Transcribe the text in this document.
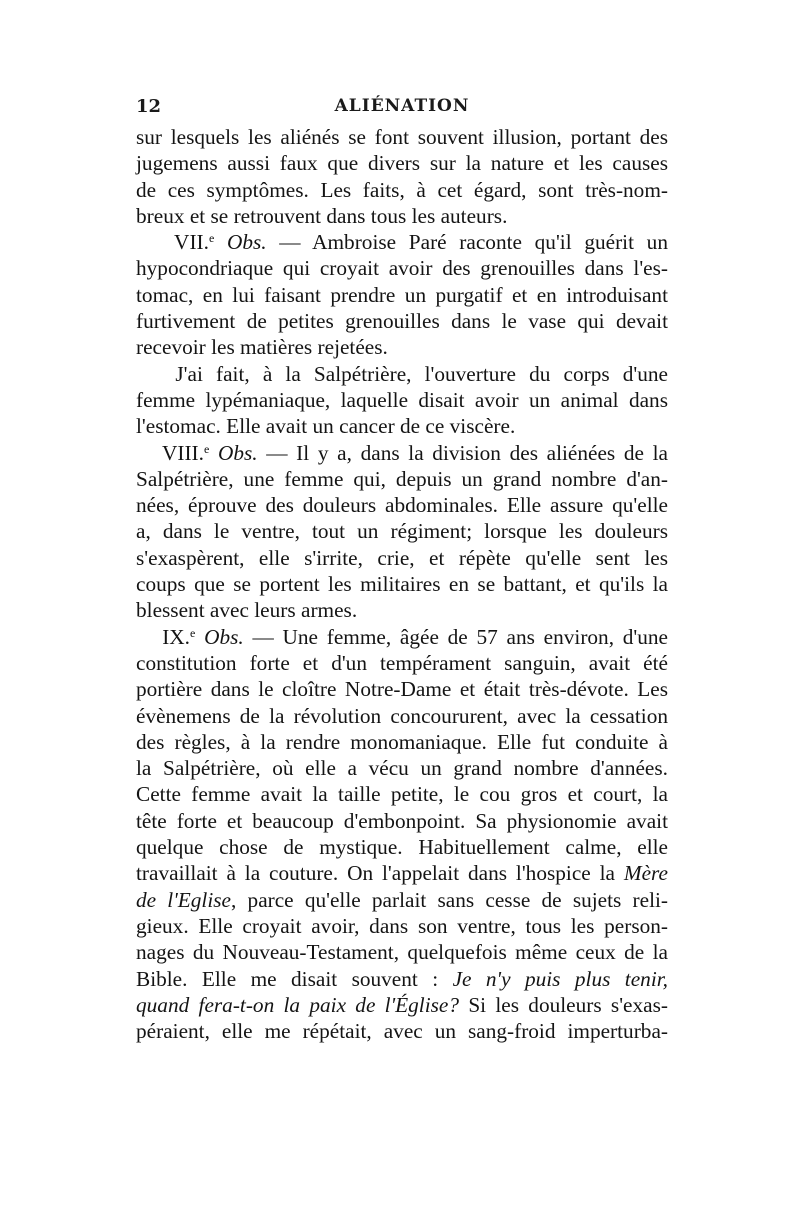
12	ALIÉNATION
sur lesquels les aliénés se font souvent illusion, portant des
jugemens aussi faux que divers sur la nature et les causes
de ces symptômes. Les faits, à cet égard, sont très-nom-
breux et se retrouvent dans tous les auteurs.
VII.$^e$ Obs. — Ambroise Paré raconte qu'il guérit un
hypocondriaque qui croyait avoir des grenouilles dans l'es-
tomac, en lui faisant prendre un purgatif et en introduisant
furtivement de petites grenouilles dans le vase qui devait
recevoir les matières rejetées.
J'ai fait, à la Salpétrière, l'ouverture du corps d'une
femme lypémaniaque, laquelle disait avoir un animal dans
l'estomac. Elle avait un cancer de ce viscère.
VIII.$^e$ Obs. — Il y a, dans la division des aliénées de la
Salpétrière, une femme qui, depuis un grand nombre d'an-
nées, éprouve des douleurs abdominales. Elle assure qu'elle
a, dans le ventre, tout un régiment; lorsque les douleurs
s'exaspèrent, elle s'irrite, crie, et répète qu'elle sent les
coups que se portent les militaires en se battant, et qu'ils la
blessent avec leurs armes.
IX.$^e$ Obs. — Une femme, âgée de 57 ans environ, d'une
constitution forte et d'un tempérament sanguin, avait été
portière dans le cloître Notre-Dame et était très-dévote. Les
évènemens de la révolution concoururent, avec la cessation
des règles, à la rendre monomaniaque. Elle fut conduite à
la Salpétrière, où elle a vécu un grand nombre d'années.
Cette femme avait la taille petite, le cou gros et court, la
tête forte et beaucoup d'embonpoint. Sa physionomie avait
quelque chose de mystique. Habituellement calme, elle
travaillait à la couture. On l'appelait dans l'hospice la Mère
de l'Eglise, parce qu'elle parlait sans cesse de sujets reli-
gieux. Elle croyait avoir, dans son ventre, tous les person-
nages du Nouveau-Testament, quelquefois même ceux de la
Bible. Elle me disait souvent : Je n'y puis plus tenir,
quand fera-t-on la paix de l'Église? Si les douleurs s'exas-
péraient, elle me répétait, avec un sang-froid imperturba-
